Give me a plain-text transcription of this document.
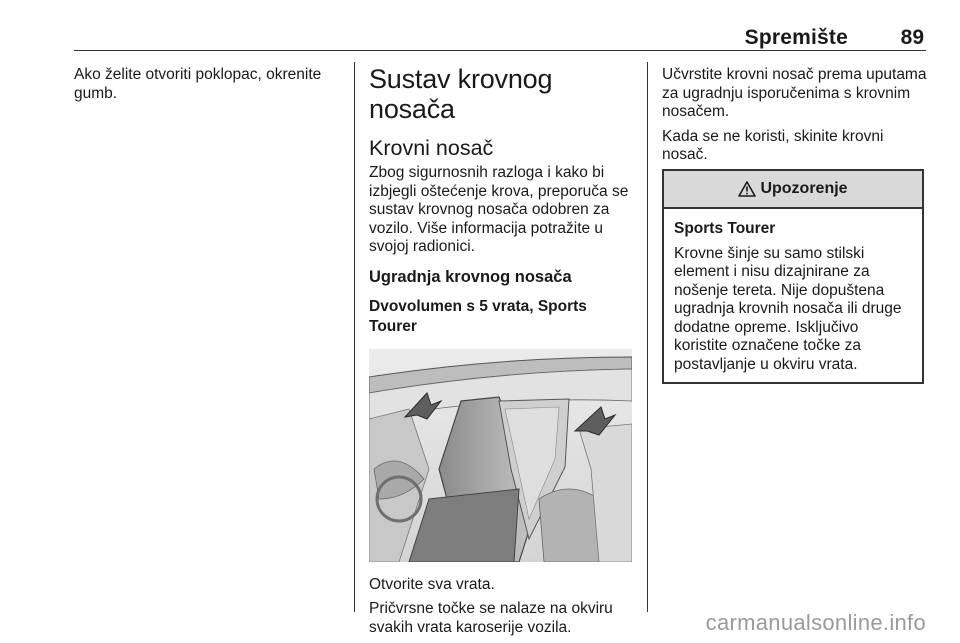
Spremište	89

Ako želite otvoriti poklopac, okrenite gumb.	Sustav krovnog nosača
Krovni nosač

Zbog sigurnosnih razloga i kako bi izbjegli oštećenje krova, preporuča se sustav krovnog nosača odobren za vozilo. Više informacija potražite u svojoj radionici.

Ugradnja krovnog nosača
Dvovolumen s 5 vrata, Sports Tourer

Otvorite sva vrata.

Pričvrsne točke se nalaze na okviru svakih vrata karoserije vozila.

Učvrstite krovni nosač prema uputama za ugradnju isporučenima s krovnim nosačem.

Kada se ne koristi, skinite krovni nosač.

Upozorenje
Sports Tourer

Krovne šinje su samo stilski element i nisu dizajnirane za nošenje tereta. Nije dopuštena ugradnja krovnih nosača ili druge dodatne opreme. Isključivo koristite označene točke za postavljanje u okviru vrata.

carmanualsonline.info
